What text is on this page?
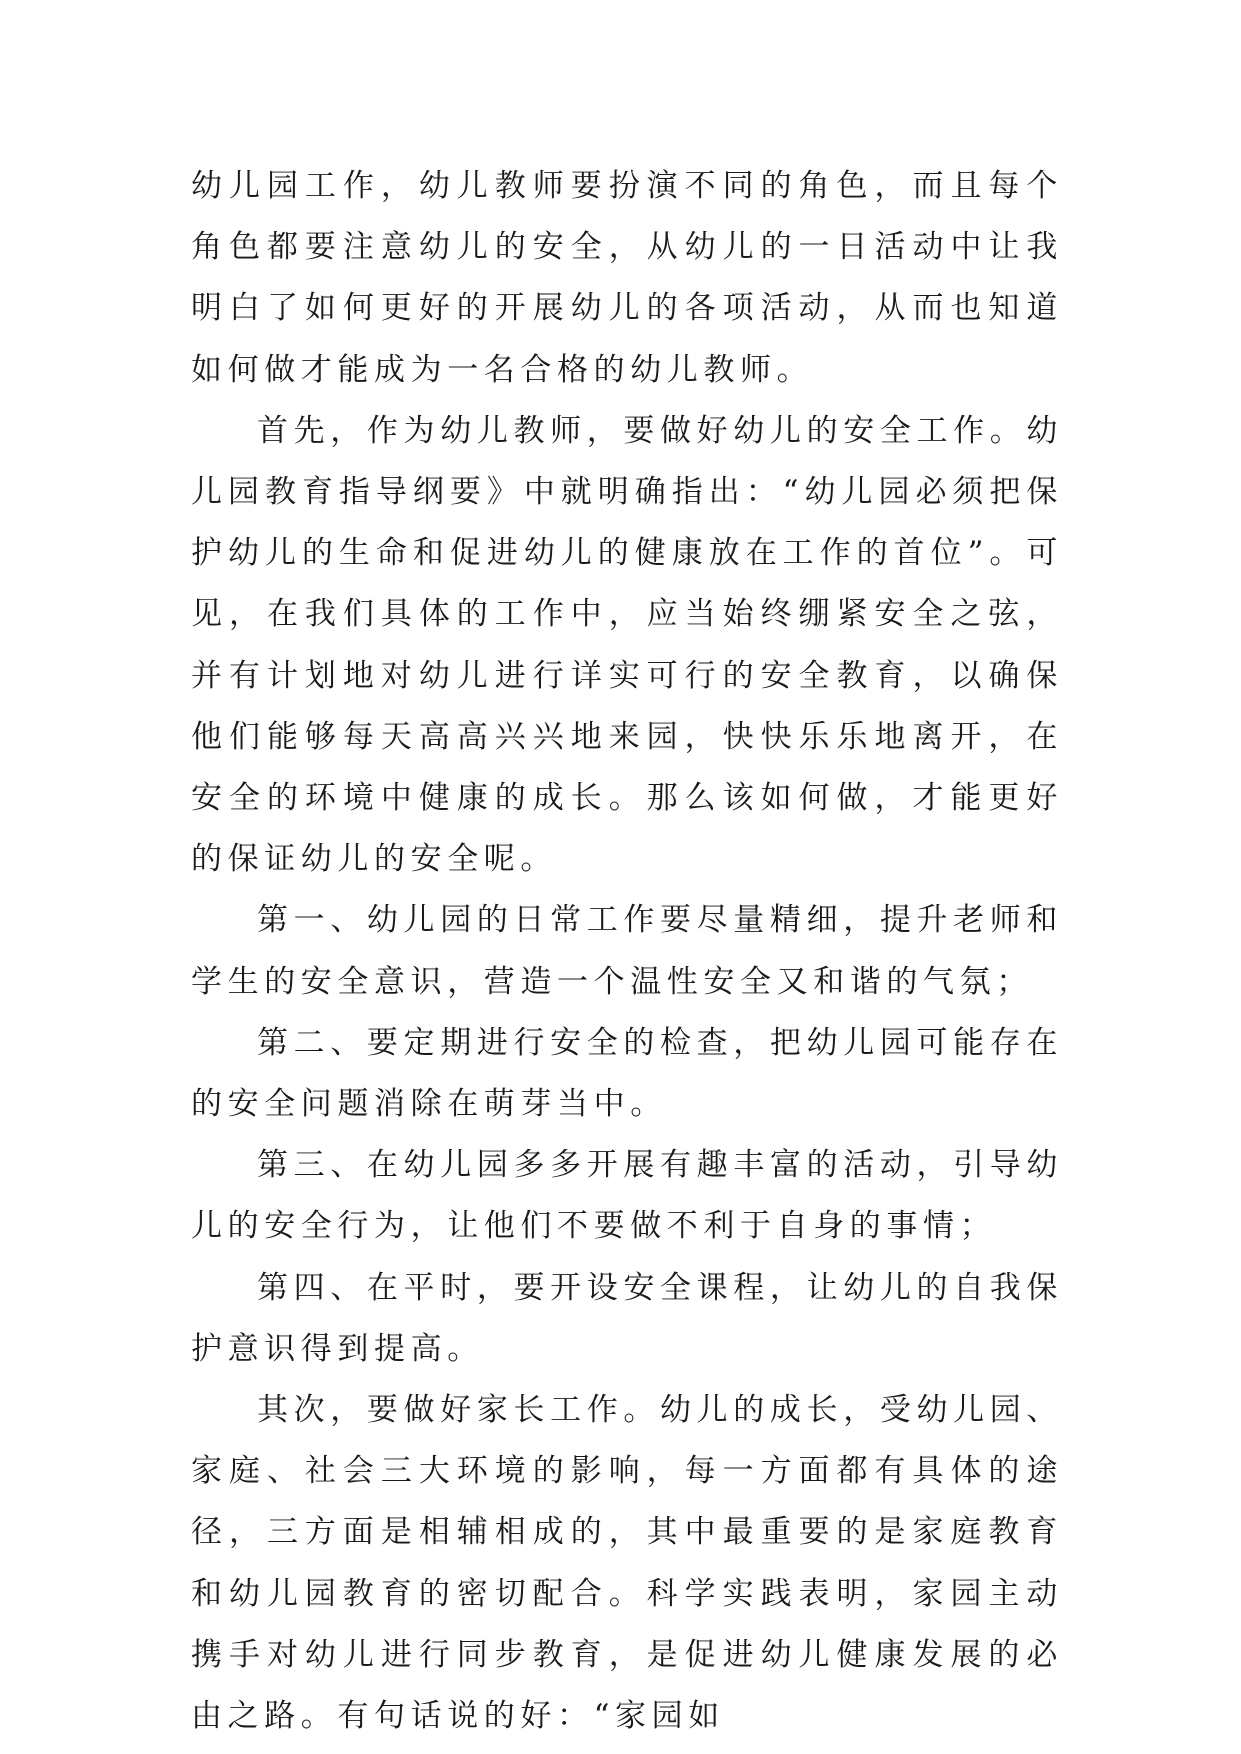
幼儿园工作，幼儿教师要扮演不同的角色，而且每个角色都要注意幼儿的安全，从幼儿的一日活动中让我明白了如何更好的开展幼儿的各项活动，从而也知道如何做才能成为一名合格的幼儿教师。

首先，作为幼儿教师，要做好幼儿的安全工作。幼儿园教育指导纲要》中就明确指出：“幼儿园必须把保护幼儿的生命和促进幼儿的健康放在工作的首位”。可见，在我们具体的工作中，应当始终绷紧安全之弦，并有计划地对幼儿进行详实可行的安全教育，以确保他们能够每天高高兴兴地来园，快快乐乐地离开，在安全的环境中健康的成长。那么该如何做，才能更好的保证幼儿的安全呢。

第一、幼儿园的日常工作要尽量精细，提升老师和学生的安全意识，营造一个温性安全又和谐的气氛；

第二、要定期进行安全的检查，把幼儿园可能存在的安全问题消除在萌芽当中。

第三、在幼儿园多多开展有趣丰富的活动，引导幼儿的安全行为，让他们不要做不利于自身的事情；

第四、在平时，要开设安全课程，让幼儿的自我保护意识得到提高。

其次，要做好家长工作。幼儿的成长，受幼儿园、家庭、社会三大环境的影响，每一方面都有具体的途径，三方面是相辅相成的，其中最重要的是家庭教育和幼儿园教育的密切配合。科学实践表明，家园主动携手对幼儿进行同步教育，是促进幼儿健康发展的必由之路。有句话说的好：“家园如
